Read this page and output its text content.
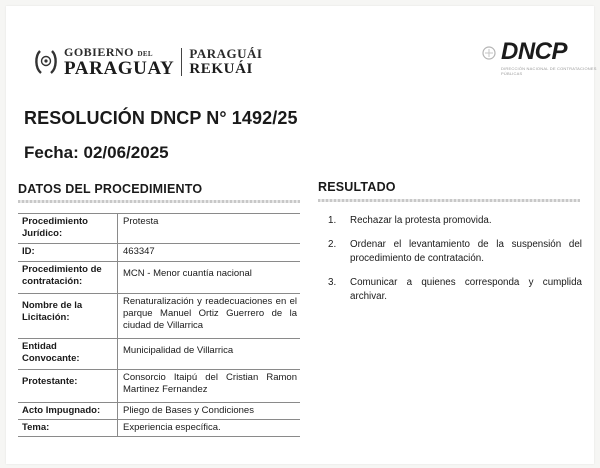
GOBIERNO DEL
PARAGUAY
PARAGUÁI
REKUÁI
DNCP
DIRECCIÓN NACIONAL DE CONTRATACIONES PÚBLICAS
RESOLUCIÓN DNCP N° 1492/25
Fecha: 02/06/2025
DATOS DEL PROCEDIMIENTO	RESULTADO
Procedimiento Jurídico:	Protesta
ID:	463347
Procedimiento de contratación:	MCN - Menor cuantía nacional
Nombre de la Licitación:	Renaturalización y readecuaciones en el parque Manuel Ortiz Guerrero de la ciudad de Villarrica
Entidad Convocante:	Municipalidad de Villarrica
Protestante:	Consorcio Itaipú del Cristian Ramon Martinez Fernandez
Acto Impugnado:	Pliego de Bases y Condiciones
Tema:	Experiencia específica.
1.	Rechazar la protesta promovida.
2.	Ordenar el levantamiento de la suspensión del procedimiento de contratación.
3.	Comunicar a quienes corresponda y cumplida archivar.
